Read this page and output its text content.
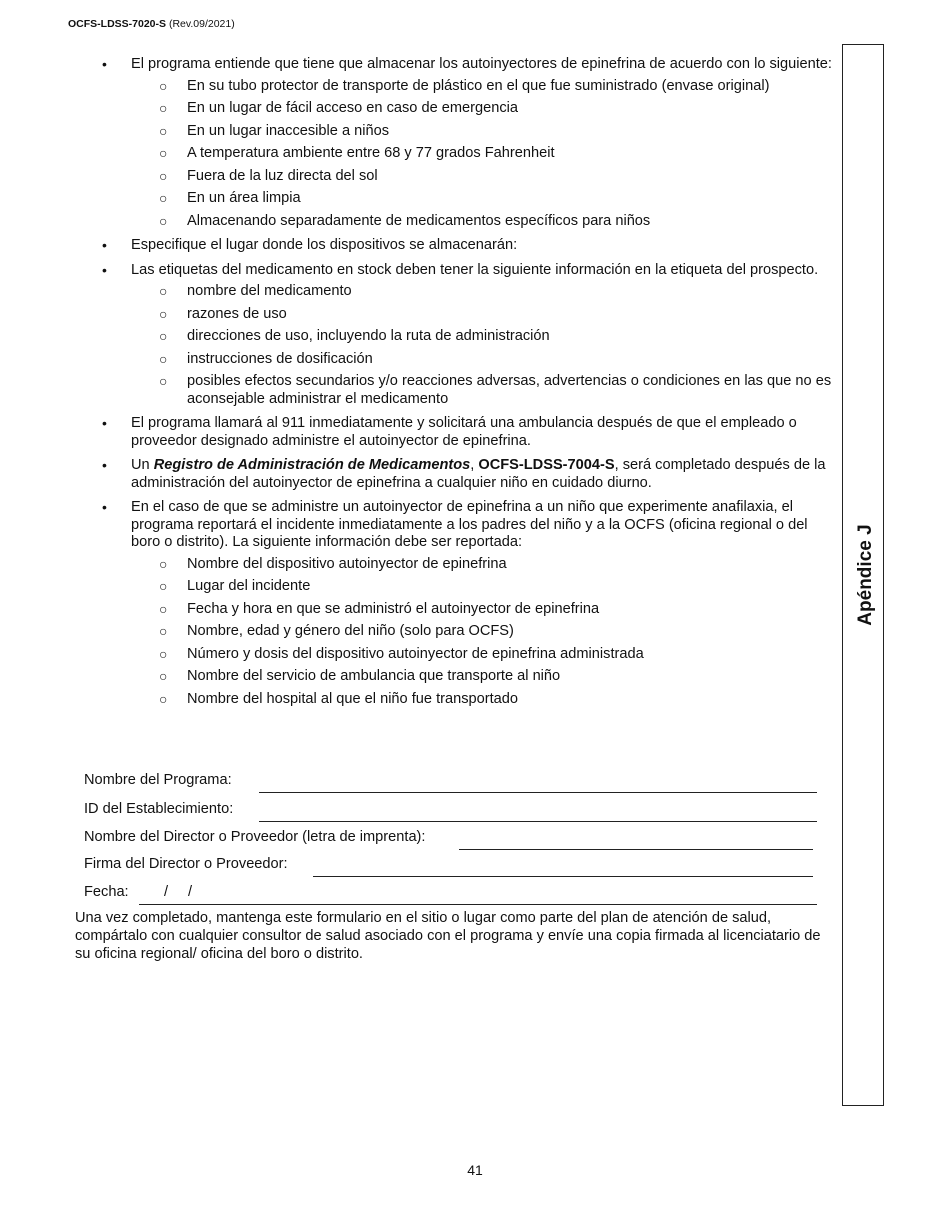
OCFS-LDSS-7020-S (Rev.09/2021)
Apéndice J
•	El programa entiende que tiene que almacenar los autoinyectores de epinefrina de acuerdo con lo siguiente:
○	En su tubo protector de transporte de plástico en el que fue suministrado (envase original)
○	En un lugar de fácil acceso en caso de emergencia
○	En un lugar inaccesible a niños
○	A temperatura ambiente entre 68 y 77 grados Fahrenheit
○	Fuera de la luz directa del sol
○	En un área limpia
○	Almacenando separadamente de medicamentos específicos para niños
•	Especifique el lugar donde los dispositivos se almacenarán:
•	Las etiquetas del medicamento en stock deben tener la siguiente información en la etiqueta del prospecto.
○	nombre del medicamento
○	razones de uso
○	direcciones de uso, incluyendo la ruta de administración
○	instrucciones de dosificación
○	posibles efectos secundarios y/o reacciones adversas, advertencias o condiciones en las que no es aconsejable administrar el medicamento
•	El programa llamará al 911 inmediatamente y solicitará una ambulancia después de que el empleado o proveedor designado administre el autoinyector de epinefrina.
•	Un Registro de Administración de Medicamentos, OCFS-LDSS-7004-S, será completado después de la administración del autoinyector de epinefrina a cualquier niño en cuidado diurno.
•	En el caso de que se administre un autoinyector de epinefrina a un niño que experimente anafilaxia, el programa reportará el incidente inmediatamente a los padres del niño y a la OCFS (oficina regional o del boro o distrito). La siguiente información debe ser reportada:
○	Nombre del dispositivo autoinyector de epinefrina
○	Lugar del incidente
○	Fecha y hora en que se administró el autoinyector de epinefrina
○	Nombre, edad y género del niño (solo para OCFS)
○	Número y dosis del dispositivo autoinyector de epinefrina administrada
○	Nombre del servicio de ambulancia que transporte al niño
○	Nombre del hospital al que el niño fue transportado
Nombre del Programa:
ID del Establecimiento:
Nombre del Director o Proveedor (letra de imprenta):
Firma del Director o Proveedor:
Fecha: / /
Una vez completado, mantenga este formulario en el sitio o lugar como parte del plan de atención de salud, compártalo con cualquier consultor de salud asociado con el programa y envíe una copia firmada al licenciatario de su oficina regional/ oficina del boro o distrito.
41
